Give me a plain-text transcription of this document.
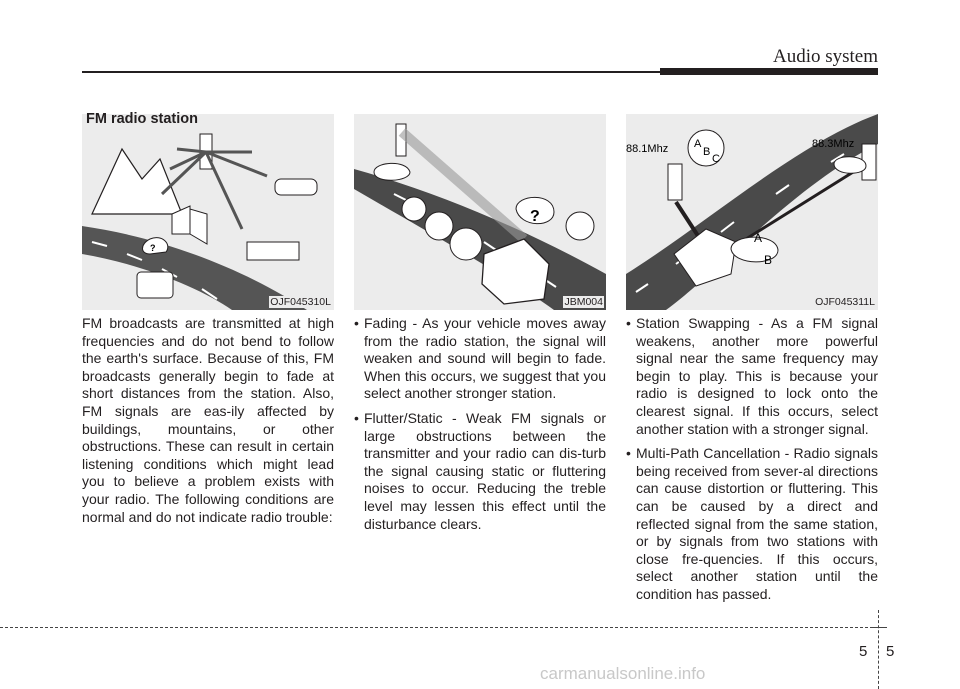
Audio system
FM radio station
?
OJF045310L
?
JBM004
88.1Mhz	88.3Mhz
A
B
C
A
B
OJF045311L

FM broadcasts are transmitted at high frequencies and do not bend to follow the earth's surface. Because of this, FM broadcasts generally begin to fade at short distances from the station. Also, FM signals are eas-ily affected by buildings, mountains, or other obstructions. These can result in certain listening conditions which might lead you to believe a problem exists with your radio. The following conditions are normal and do not indicate radio trouble:

• Fading - As your vehicle moves away from the radio station, the signal will weaken and sound will begin to fade. When this occurs, we suggest that you select another stronger station.
• Flutter/Static - Weak FM signals or large obstructions between the transmitter and your radio can dis-turb the signal causing static or fluttering noises to occur. Reducing the treble level may lessen this effect until the disturbance clears.
• Station Swapping - As a FM signal weakens, another more powerful signal near the same frequency may begin to play. This is because your radio is designed to lock onto the clearest signal. If this occurs, select another station with a stronger signal.
• Multi-Path Cancellation - Radio signals being received from sever-al directions can cause distortion or fluttering. This can be caused by a direct and reflected signal from the same station, or by signals from two stations with close fre-quencies. If this occurs, select another station until the condition has passed.
5 5
carmanualsonline.info
